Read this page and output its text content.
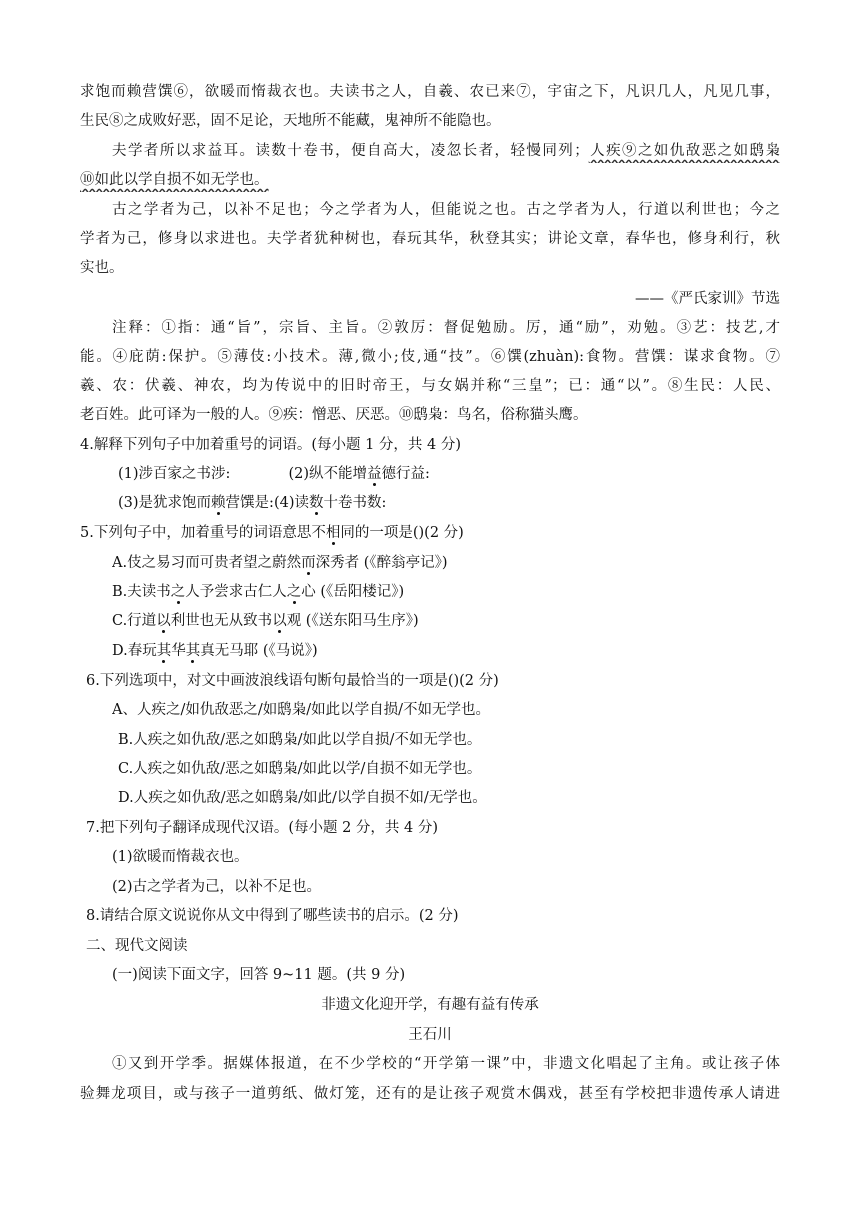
求饱而赖营馔⑥，欲暖而惰裁衣也。夫读书之人，自羲、农已来⑦，宇宙之下，凡识几人，凡见几事，
生民⑧之成败好恶，固不足论，天地所不能藏，鬼神所不能隐也。
夫学者所以求益耳。读数十卷书，便自高大，凌忽长者，轻慢同列；人疾⑨之如仇敌恶之如鸱枭
⑩如此以学自损不如无学也。
古之学者为己，以补不足也；今之学者为人，但能说之也。古之学者为人，行道以利世也；今之
学者为己，修身以求进也。夫学者犹种树也，春玩其华，秋登其实；讲论文章，春华也，修身利行，秋
实也。
——《严氏家训》节选
注释：①指：通“旨”，宗旨、主旨。②敦厉：督促勉励。厉，通“励”，劝勉。③艺：技艺,才
能。④庇荫:保护。⑤薄伎:小技术。薄,微小;伎,通“技”。⑥馔(zhuàn):食物。营馔：谋求食物。⑦
羲、农：伏羲、神农，均为传说中的旧时帝王，与女娲并称“三皇”；已：通“以”。⑧生民：人民、
老百姓。此可译为一般的人。⑨疾：憎恶、厌恶。⑩鸱枭：鸟名，俗称猫头鹰。
4.解释下列句子中加着重号的词语。(每小题 1 分，共 4 分)
(1)涉百家之书涉:	(2)纵不能增益德行益:
(3)是犹求饱而赖营馔是:(4)读数十卷书数:
5.下列句子中，加着重号的词语意思不相同的一项是()(2 分)
A.伎之易习而可贵者望之蔚然而深秀者 (《醉翁亭记》)
B.夫读书之人予尝求古仁人之心 (《岳阳楼记》)
C.行道以利世也无从致书以观 (《送东阳马生序》)
D.春玩其华其真无马耶 (《马说》)
6.下列选项中，对文中画波浪线语句断句最恰当的一项是()(2 分)
A、人疾之/如仇敌恶之/如鸱枭/如此以学自损/不如无学也。
B.人疾之如仇敌/恶之如鸱枭/如此以学自损/不如无学也。
C.人疾之如仇敌/恶之如鸱枭/如此以学/自损不如无学也。
D.人疾之如仇敌/恶之如鸱枭/如此/以学自损不如/无学也。
7.把下列句子翻译成现代汉语。(每小题 2 分，共 4 分)
(1)欲暖而惰裁衣也。
(2)古之学者为己，以补不足也。
8.请结合原文说说你从文中得到了哪些读书的启示。(2 分)
二、现代文阅读
(一)阅读下面文字，回答 9~11 题。(共 9 分)
非遗文化迎开学，有趣有益有传承
王石川
①又到开学季。据媒体报道，在不少学校的“开学第一课”中，非遗文化唱起了主角。或让孩子体
验舞龙项目，或与孩子一道剪纸、做灯笼，还有的是让孩子观赏木偶戏，甚至有学校把非遗传承人请进
